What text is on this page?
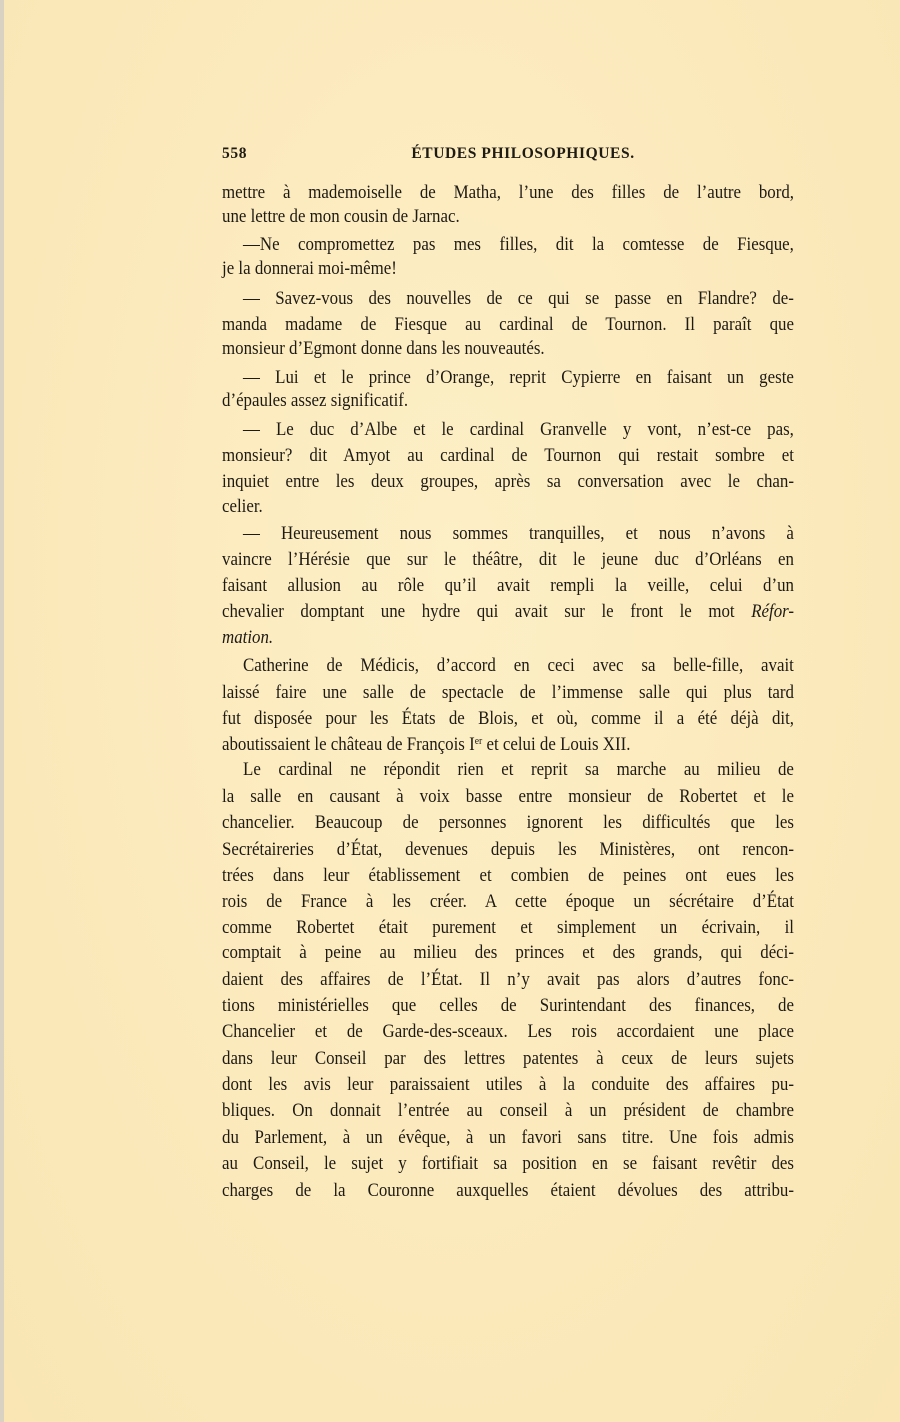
558	ÉTUDES PHILOSOPHIQUES.
mettre à mademoiselle de Matha, l’une des filles de l’autre bord,
une lettre de mon cousin de Jarnac.
—Ne compromettez pas mes filles, dit la comtesse de Fiesque,
je la donnerai moi-même!
— Savez-vous des nouvelles de ce qui se passe en Flandre? de-
manda madame de Fiesque au cardinal de Tournon. Il paraît que
monsieur d’Egmont donne dans les nouveautés.
— Lui et le prince d’Orange, reprit Cypierre en faisant un geste
d’épaules assez significatif.
— Le duc d’Albe et le cardinal Granvelle y vont, n’est-ce pas,
monsieur? dit Amyot au cardinal de Tournon qui restait sombre et
inquiet entre les deux groupes, après sa conversation avec le chan-
celier.
— Heureusement nous sommes tranquilles, et nous n’avons à
vaincre l’Hérésie que sur le théâtre, dit le jeune duc d’Orléans en
faisant allusion au rôle qu’il avait rempli la veille, celui d’un
chevalier domptant une hydre qui avait sur le front le mot Réfor-
mation.
Catherine de Médicis, d’accord en ceci avec sa belle-fille, avait
laissé faire une salle de spectacle de l’immense salle qui plus tard
fut disposée pour les États de Blois, et où, comme il a été déjà dit,
aboutissaient le château de François Ier et celui de Louis XII.
Le cardinal ne répondit rien et reprit sa marche au milieu de
la salle en causant à voix basse entre monsieur de Robertet et le
chancelier. Beaucoup de personnes ignorent les difficultés que les
Secrétaireries d’État, devenues depuis les Ministères, ont rencon-
trées dans leur établissement et combien de peines ont eues les
rois de France à les créer. A cette époque un sécrétaire d’État
comme Robertet était purement et simplement un écrivain, il
comptait à peine au milieu des princes et des grands, qui déci-
daient des affaires de l’État. Il n’y avait pas alors d’autres fonc-
tions ministérielles que celles de Surintendant des finances, de
Chancelier et de Garde-des-sceaux. Les rois accordaient une place
dans leur Conseil par des lettres patentes à ceux de leurs sujets
dont les avis leur paraissaient utiles à la conduite des affaires pu-
bliques. On donnait l’entrée au conseil à un président de chambre
du Parlement, à un évêque, à un favori sans titre. Une fois admis
au Conseil, le sujet y fortifiait sa position en se faisant revêtir des
charges de la Couronne auxquelles étaient dévolues des attribu-
